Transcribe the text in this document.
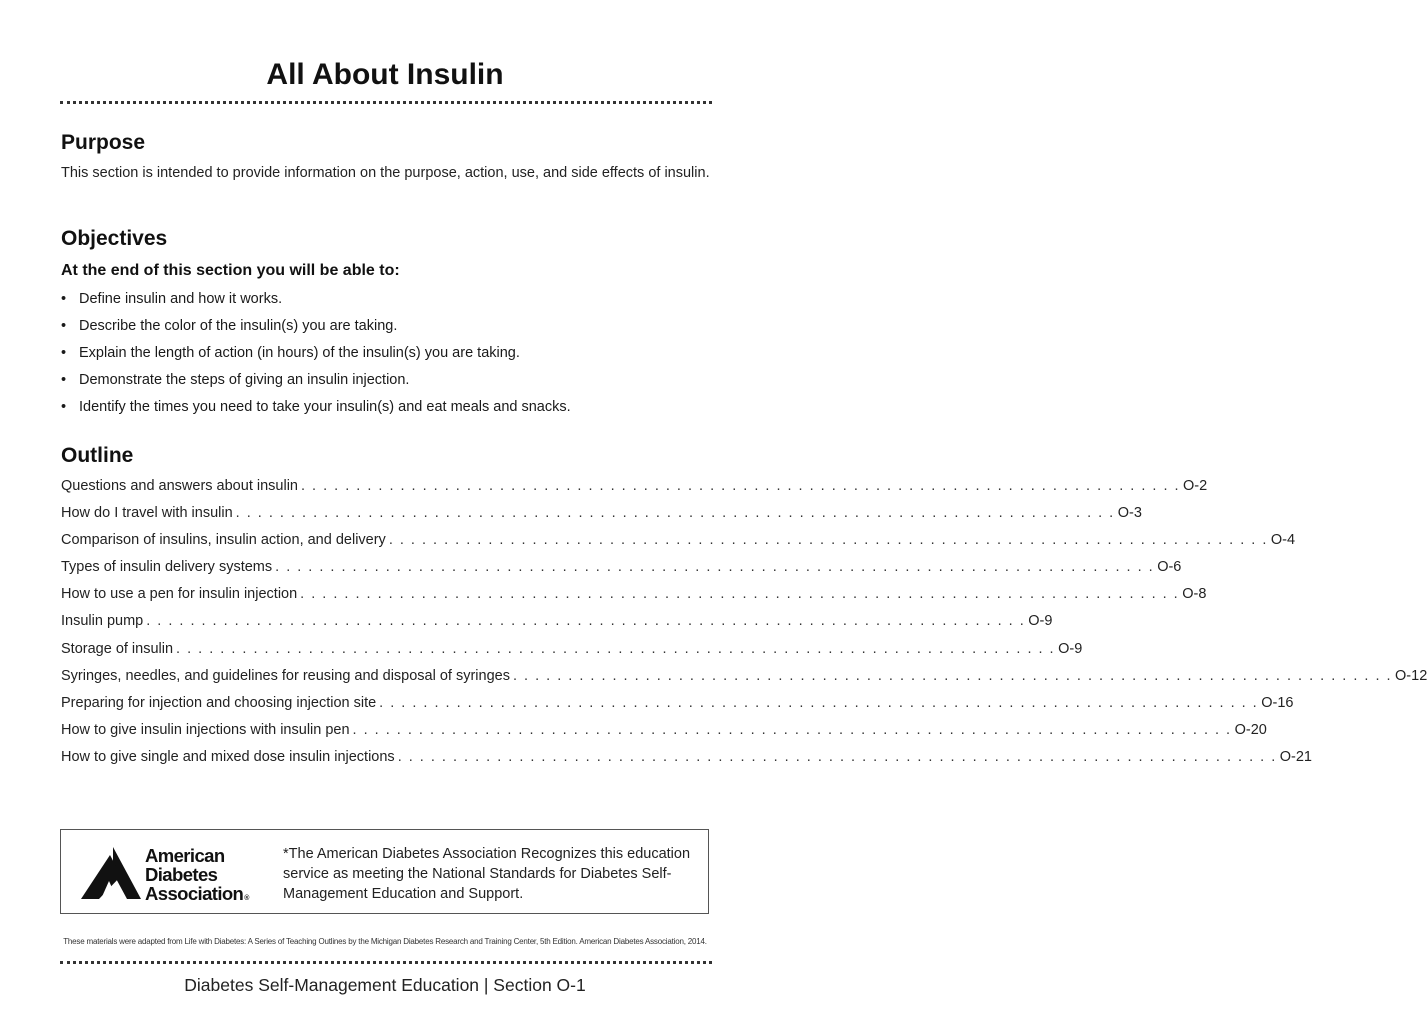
All About Insulin
Purpose
This section is intended to provide information on the purpose, action, use, and side effects of insulin.
Objectives
At the end of this section you will be able to:
• Define insulin and how it works.
• Describe the color of the insulin(s) you are taking.
• Explain the length of action (in hours) of the insulin(s) you are taking.
• Demonstrate the steps of giving an insulin injection.
• Identify the times you need to take your insulin(s) and eat meals and snacks.
Outline
Questions and answers about insulin . . . . . . . . . . . . . . . . . . . . . . . . . . . . . . . . . . . . . . . . . . . . . . . . . . . . . . . . . . . . . . . . . . . . . . . . . . . . . . . . O-2
How do I travel with insulin . . . . . . . . . . . . . . . . . . . . . . . . . . . . . . . . . . . . . . . . . . . . . . . . . . . . . . . . . . . . . . . . . . . . . . . . . . . . . . . . O-3
Comparison of insulins, insulin action, and delivery . . . . . . . . . . . . . . . . . . . . . . . . . . . . . . . . . . . . . . . . . . . . . . . . . . . . . . . . . . . . . . . . . . . . . . . . . . . . . . . . O-4
Types of insulin delivery systems . . . . . . . . . . . . . . . . . . . . . . . . . . . . . . . . . . . . . . . . . . . . . . . . . . . . . . . . . . . . . . . . . . . . . . . . . . . . . . . . O-6
How to use a pen for insulin injection . . . . . . . . . . . . . . . . . . . . . . . . . . . . . . . . . . . . . . . . . . . . . . . . . . . . . . . . . . . . . . . . . . . . . . . . . . . . . . . . O-8
Insulin pump . . . . . . . . . . . . . . . . . . . . . . . . . . . . . . . . . . . . . . . . . . . . . . . . . . . . . . . . . . . . . . . . . . . . . . . . . . . . . . . . O-9
Storage of insulin . . . . . . . . . . . . . . . . . . . . . . . . . . . . . . . . . . . . . . . . . . . . . . . . . . . . . . . . . . . . . . . . . . . . . . . . . . . . . . . . O-9
Syringes, needles, and guidelines for reusing and disposal of syringes . . . . . . . . . . . . . . . . . . . . . . . . . . . . . . . . . . . . . . . . . . . . . . . . . . . . . . . . . . . . . . . . . . . . . . . . . . . . . . . . O-12
Preparing for injection and choosing injection site . . . . . . . . . . . . . . . . . . . . . . . . . . . . . . . . . . . . . . . . . . . . . . . . . . . . . . . . . . . . . . . . . . . . . . . . . . . . . . . . O-16
How to give insulin injections with insulin pen . . . . . . . . . . . . . . . . . . . . . . . . . . . . . . . . . . . . . . . . . . . . . . . . . . . . . . . . . . . . . . . . . . . . . . . . . . . . . . . . O-20
How to give single and mixed dose insulin injections . . . . . . . . . . . . . . . . . . . . . . . . . . . . . . . . . . . . . . . . . . . . . . . . . . . . . . . . . . . . . . . . . . . . . . . . . . . . . . . . O-21
American
Diabetes
Association®
*The American Diabetes Association Recognizes this education service as meeting the National Standards for Diabetes Self-Management Education and Support.
These materials were adapted from Life with Diabetes: A Series of Teaching Outlines by the Michigan Diabetes Research and Training Center, 5th Edition. American Diabetes Association, 2014.
Diabetes Self-Management Education | Section O-1
